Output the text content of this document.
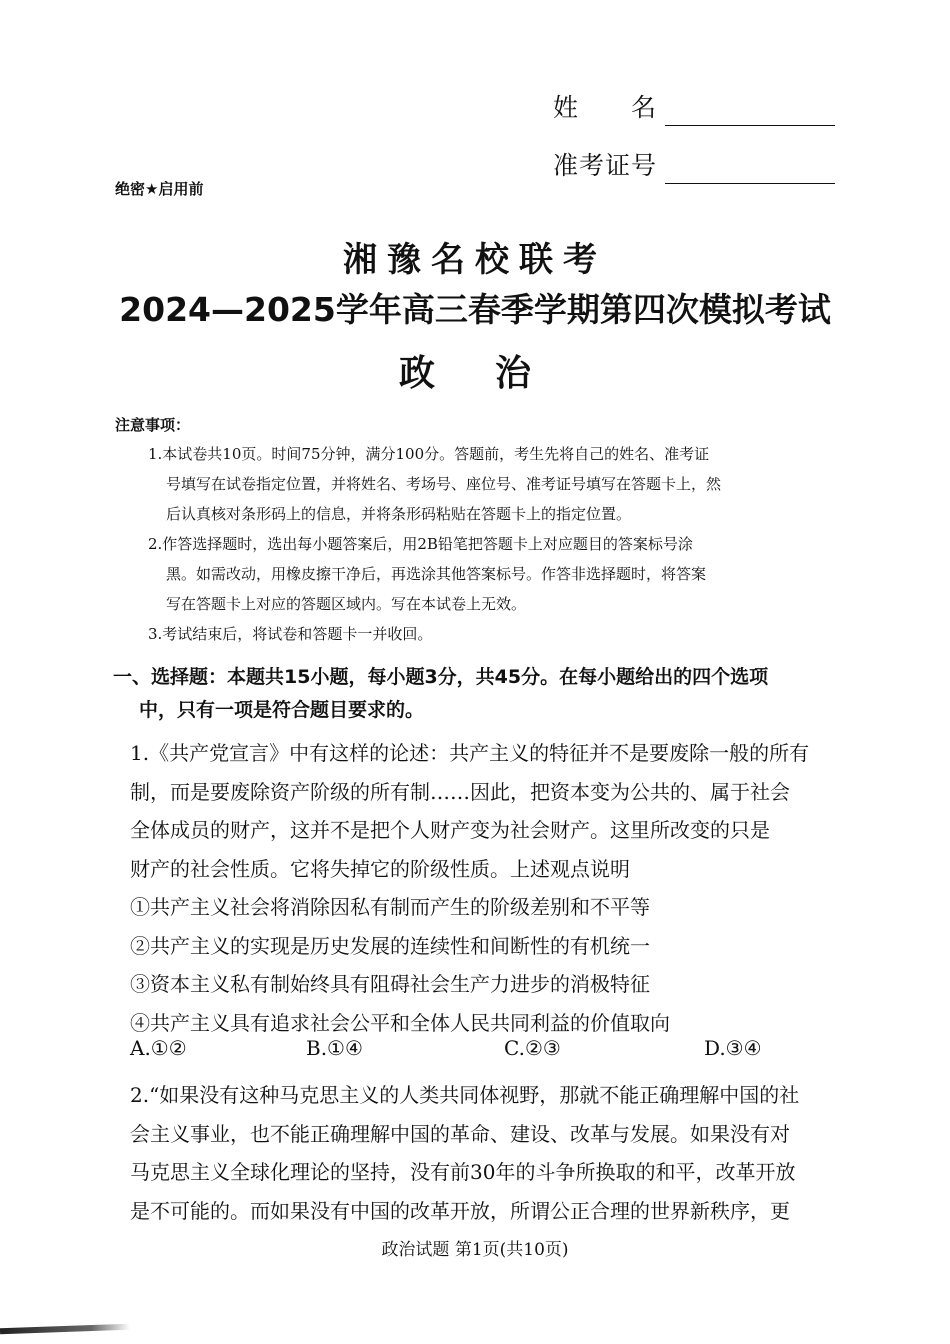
姓　　名
准考证号
绝密★启用前
湘豫名校联考
2024—2025学年高三春季学期第四次模拟考试
政治
注意事项：
1.本试卷共10页。时间75分钟，满分100分。答题前，考生先将自己的姓名、准考证
号填写在试卷指定位置，并将姓名、考场号、座位号、准考证号填写在答题卡上，然
后认真核对条形码上的信息，并将条形码粘贴在答题卡上的指定位置。
2.作答选择题时，选出每小题答案后，用2B铅笔把答题卡上对应题目的答案标号涂
黑。如需改动，用橡皮擦干净后，再选涂其他答案标号。作答非选择题时，将答案
写在答题卡上对应的答题区域内。写在本试卷上无效。
3.考试结束后，将试卷和答题卡一并收回。
一、选择题：本题共15小题，每小题3分，共45分。在每小题给出的四个选项
中，只有一项是符合题目要求的。
1.《共产党宣言》中有这样的论述：共产主义的特征并不是要废除一般的所有
制，而是要废除资产阶级的所有制……因此，把资本变为公共的、属于社会
全体成员的财产，这并不是把个人财产变为社会财产。这里所改变的只是
财产的社会性质。它将失掉它的阶级性质。上述观点说明
①共产主义社会将消除因私有制而产生的阶级差别和不平等
②共产主义的实现是历史发展的连续性和间断性的有机统一
③资本主义私有制始终具有阻碍社会生产力进步的消极特征
④共产主义具有追求社会公平和全体人民共同利益的价值取向
A.①②	B.①④	C.②③	D.③④
2.“如果没有这种马克思主义的人类共同体视野，那就不能正确理解中国的社
会主义事业，也不能正确理解中国的革命、建设、改革与发展。如果没有对
马克思主义全球化理论的坚持，没有前30年的斗争所换取的和平，改革开放
是不可能的。而如果没有中国的改革开放，所谓公正合理的世界新秩序，更
政治试题 第1页(共10页)
